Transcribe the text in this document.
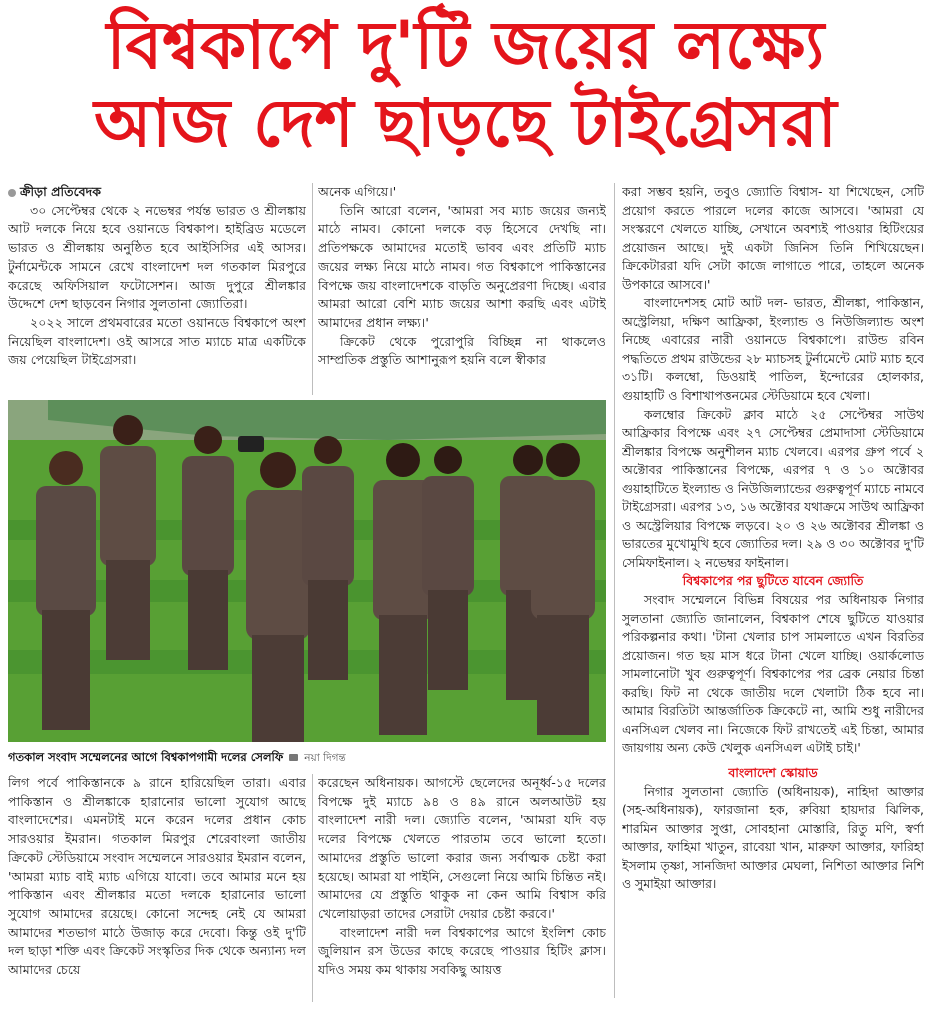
বিশ্বকাপে দু'টি জয়ের লক্ষ্যে
আজ দেশ ছাড়ছে টাইগ্রেসরা

ক্রীড়া প্রতিবেদক

৩০ সেপ্টেম্বর থেকে ২ নভেম্বর পর্যন্ত ভারত ও শ্রীলঙ্কায় আট দলকে নিয়ে হবে ওয়ানডে বিশ্বকাপ। হাইব্রিড মডেলে ভারত ও শ্রীলঙ্কায় অনুষ্ঠিত হবে আইসিসির এই আসর। টুর্নামেন্টকে সামনে রেখে বাংলাদেশ দল গতকাল মিরপুরে করেছে অফিসিয়াল ফটোসেশন। আজ দুপুরে শ্রীলঙ্কার উদ্দেশে দেশ ছাড়বেন নিগার সুলতানা জ্যোতিরা।

২০২২ সালে প্রথমবারের মতো ওয়ানডে বিশ্বকাপে অংশ নিয়েছিল বাংলাদেশ। ওই আসরে সাত ম্যাচে মাত্র একটিকে জয় পেয়েছিল টাইগ্রেসরা।

অনেক এগিয়ে।'

তিনি আরো বলেন, 'আমরা সব ম্যাচ জয়ের জন্যই মাঠে নামব। কোনো দলকে বড় হিসেবে দেখছি না। প্রতিপক্ষকে আমাদের মতোই ভাবব এবং প্রতিটি ম্যাচ জয়ের লক্ষ্য নিয়ে মাঠে নামব। গত বিশ্বকাপে পাকিস্তানের বিপক্ষে জয় বাংলাদেশকে বাড়তি অনুপ্রেরণা দিচ্ছে। এবার আমরা আরো বেশি ম্যাচ জয়ের আশা করছি এবং এটাই আমাদের প্রধান লক্ষ্য।'

ক্রিকেট থেকে পুরোপুরি বিচ্ছিন্ন না থাকলেও সাম্প্রতিক প্রস্তুতি আশানুরূপ হয়নি বলে স্বীকার

করা সম্ভব হয়নি, তবুও জ্যোতি বিশ্বাস- যা শিখেছেন, সেটি প্রয়োগ করতে পারলে দলের কাজে আসবে। 'আমরা যে সংস্করণে খেলতে যাচ্ছি, সেখানে অবশ্যই পাওয়ার হিটিংয়ের প্রয়োজন আছে। দুই একটা জিনিস তিনি শিখিয়েছেন। ক্রিকেটাররা যদি সেটা কাজে লাগাতে পারে, তাহলে অনেক উপকারে আসবে।'

বাংলাদেশসহ মোট আট দল- ভারত, শ্রীলঙ্কা, পাকিস্তান, অস্ট্রেলিয়া, দক্ষিণ আফ্রিকা, ইংল্যান্ড ও নিউজিল্যান্ড অংশ নিচ্ছে এবারের নারী ওয়ানডে বিশ্বকাপে। রাউন্ড রবিন পদ্ধতিতে প্রথম রাউন্ডের ২৮ ম্যাচসহ টুর্নামেন্টে মোট ম্যাচ হবে ৩১টি। কলম্বো, ডিওয়াই পাতিল, ইন্দোরের হোলকার, গুয়াহাটি ও বিশাখাপত্তনমের স্টেডিয়ামে হবে খেলা।

কলম্বোর ক্রিকেট ক্লাব মাঠে ২৫ সেপ্টেম্বর সাউথ আফ্রিকার বিপক্ষে এবং ২৭ সেপ্টেম্বর প্রেমাদাসা স্টেডিয়ামে শ্রীলঙ্কার বিপক্ষে অনুশীলন ম্যাচ খেলবে। এরপর গ্রুপ পর্বে ২ অক্টোবর পাকিস্তানের বিপক্ষে, এরপর ৭ ও ১০ অক্টোবর গুয়াহাটিতে ইংল্যান্ড ও নিউজিল্যান্ডের গুরুত্বপূর্ণ ম্যাচে নামবে টাইগ্রেসরা। এরপর ১৩, ১৬ অক্টোবর যথাক্রমে সাউথ আফ্রিকা ও অস্ট্রেলিয়ার বিপক্ষে লড়বে। ২০ ও ২৬ অক্টোবর শ্রীলঙ্কা ও ভারতের মুখোমুখি হবে জ্যোতির দল। ২৯ ও ৩০ অক্টোবর দু'টি সেমিফাইনাল। ২ নভেম্বর ফাইনাল।

বিশ্বকাপের পর ছুটিতে যাবেন জ্যোতি

সংবাদ সম্মেলনে বিভিন্ন বিষয়ের পর অধিনায়ক নিগার সুলতানা জ্যোতি জানালেন, বিশ্বকাপ শেষে ছুটিতে যাওয়ার পরিকল্পনার কথা। 'টানা খেলার চাপ সামলাতে এখন বিরতির প্রয়োজন। গত ছয় মাস ধরে টানা খেলে যাচ্ছি। ওয়ার্কলোড সামলানোটা খুব গুরুত্বপূর্ণ। বিশ্বকাপের পর ব্রেক নেয়ার চিন্তা করছি। ফিট না থেকে জাতীয় দলে খেলাটা ঠিক হবে না। আমার বিরতিটা আন্তর্জাতিক ক্রিকেটে না, আমি শুধু নারীদের এনসিএল খেলব না। নিজেকে ফিট রাখতেই এই চিন্তা, আমার জায়গায় অন্য কেউ খেলুক এনসিএল এটাই চাই।'

বাংলাদেশ স্কোয়াড

নিগার সুলতানা জ্যোতি (অধিনায়ক), নাহিদা আক্তার (সহ-অধিনায়ক), ফারজানা হক, রুবিয়া হায়দার ঝিলিক, শারমিন আক্তার সুপ্তা, সোবহানা মোস্তারি, রিতু মণি, স্বর্ণা আক্তার, ফাহিমা খাতুন, রাবেয়া খান, মারুফা আক্তার, ফারিহা ইসলাম তৃষ্ণা, সানজিদা আক্তার মেঘলা, নিশিতা আক্তার নিশি ও সুমাইয়া আক্তার।

গতকাল সংবাদ সম্মেলনের আগে বিশ্বকাপগামী দলের সেলফি নয়া দিগন্ত

লিগ পর্বে পাকিস্তানকে ৯ রানে হারিয়েছিল তারা। এবার পাকিস্তান ও শ্রীলঙ্কাকে হারানোর ভালো সুযোগ আছে বাংলাদেশের। এমনটাই মনে করেন দলের প্রধান কোচ সারওয়ার ইমরান। গতকাল মিরপুর শেরেবাংলা জাতীয় ক্রিকেট স্টেডিয়ামে সংবাদ সম্মেলনে সারওয়ার ইমরান বলেন, 'আমরা ম্যাচ বাই ম্যাচ এগিয়ে যাবো। তবে আমার মনে হয় পাকিস্তান এবং শ্রীলঙ্কার মতো দলকে হারানোর ভালো সুযোগ আমাদের রয়েছে। কোনো সন্দেহ নেই যে আমরা আমাদের শতভাগ মাঠে উজাড় করে দেবো। কিন্তু ওই দু'টি দল ছাড়া শক্তি এবং ক্রিকেট সংস্কৃতির দিক থেকে অন্যান্য দল আমাদের চেয়ে

করেছেন অধিনায়ক। আগস্টে ছেলেদের অনূর্ধ্ব-১৫ দলের বিপক্ষে দুই ম্যাচে ৯৪ ও ৪৯ রানে অলআউট হয় বাংলাদেশ নারী দল। জ্যোতি বলেন, 'আমরা যদি বড় দলের বিপক্ষে খেলতে পারতাম তবে ভালো হতো। আমাদের প্রস্তুতি ভালো করার জন্য সর্বাত্মক চেষ্টা করা হয়েছে। আমরা যা পাইনি, সেগুলো নিয়ে আমি চিন্তিত নই। আমাদের যে প্রস্তুতি থাকুক না কেন আমি বিশ্বাস করি খেলোয়াড়রা তাদের সেরাটা দেয়ার চেষ্টা করবে।'

বাংলাদেশ নারী দল বিশ্বকাপের আগে ইংলিশ কোচ জুলিয়ান রস উডের কাছে করেছে পাওয়ার হিটিং ক্লাস। যদিও সময় কম থাকায় সবকিছু আয়ত্ত
